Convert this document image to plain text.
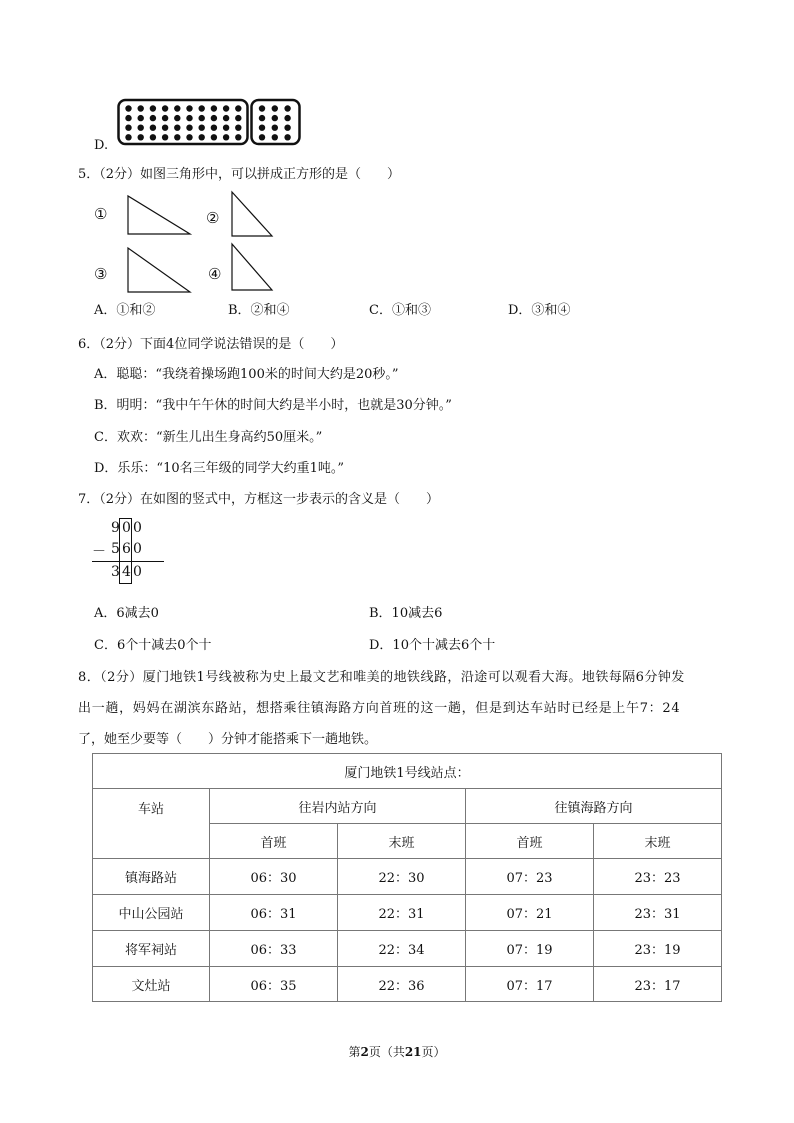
D.
5．（2分）如图三角形中，可以拼成正方形的是（　　）
①	②
③	④
A．①和②	B．②和④	C．①和③	D．③和④
6．（2分）下面4位同学说法错误的是（　　）
A．聪聪：“我绕着操场跑100米的时间大约是20秒。”
B．明明：“我中午午休的时间大约是半小时，也就是30分钟。”
C．欢欢：“新生儿出生身高约50厘米。”
D．乐乐：“10名三年级的同学大约重1吨。”
7．（2分）在如图的竖式中，方框这一步表示的含义是（　　）
9 0 0
－ 5 6 0
3 4 0
A．6减去0	B．10减去6
C．6个十减去0个十	D．10个十减去6个十
8．（2分）厦门地铁1号线被称为史上最文艺和唯美的地铁线路，沿途可以观看大海。地铁每隔6分钟发
出一趟，妈妈在湖滨东路站，想搭乘往镇海路方向首班的这一趟，但是到达车站时已经是上午7：24
了，她至少要等（　　）分钟才能搭乘下一趟地铁。
厦门地铁1号线站点：				
车站	往岩内站方向		往镇海路方向	
	首班	末班	首班	末班
镇海路站	06：30	22：30	07：23	23：23
中山公园站	06：31	22：31	07：21	23：31
将军祠站	06：33	22：34	07：19	23：19
文灶站	06：35	22：36	07：17	23：17
第2页（共21页）
